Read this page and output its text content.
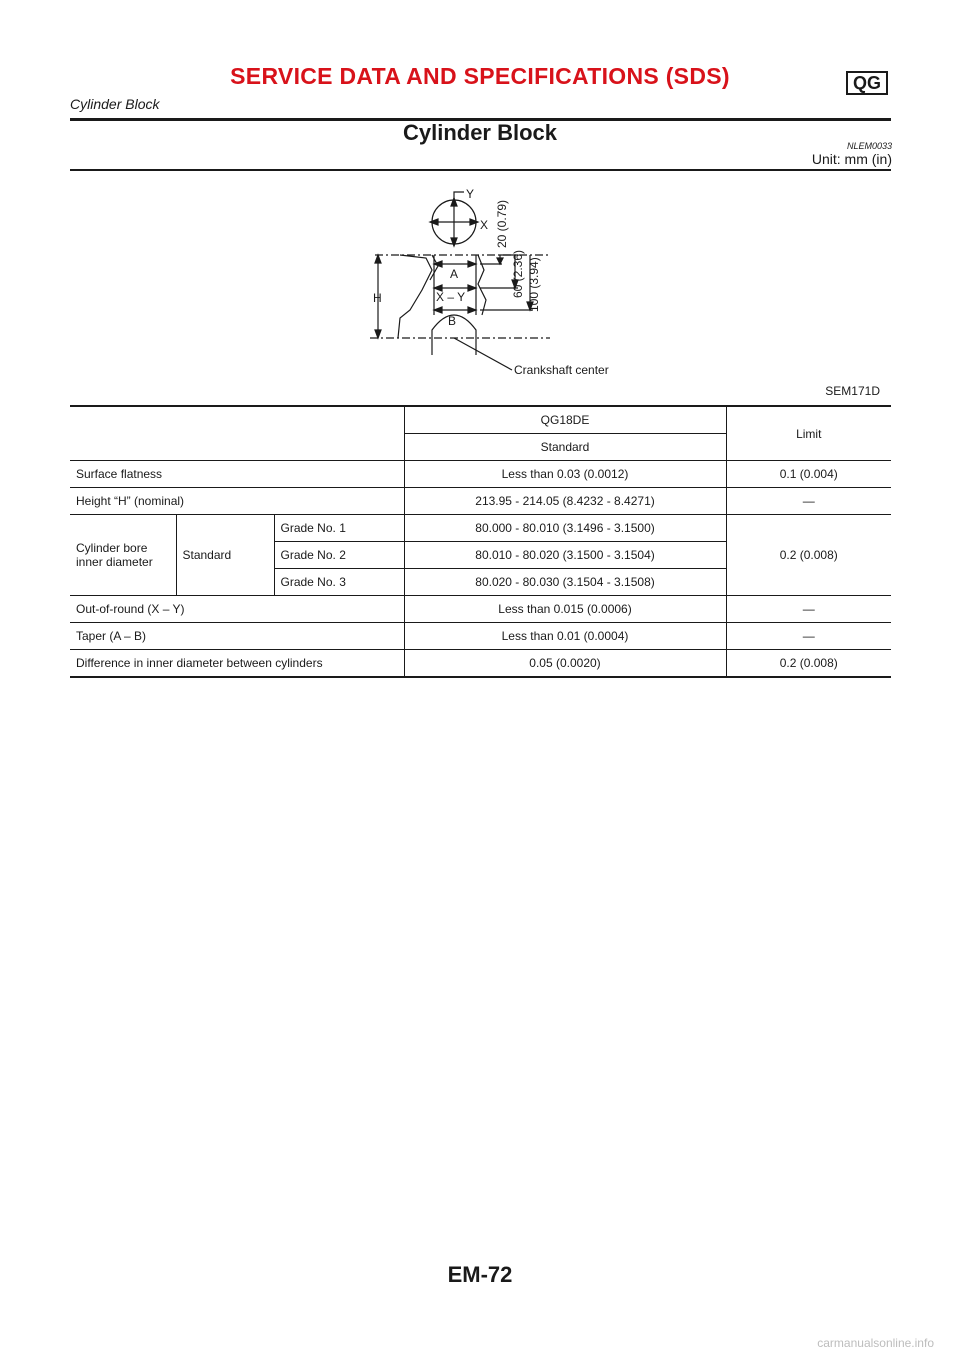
SERVICE DATA AND SPECIFICATIONS (SDS)	QG
Cylinder Block
Cylinder Block
NLEM0033
Unit: mm (in)
Y
X
H
A
X – Y
B
Crankshaft center
20 (0.79)
60 (2.36) 100 (3.94)
SEM171D
			QG18DE	Limit
			Standard	
Surface flatness			Less than 0.03 (0.0012)	0.1 (0.004)
Height “H” (nominal)			213.95 - 214.05 (8.4232 - 8.4271)	—
Cylinder bore inner diameter	Standard	Grade No. 1	80.000 - 80.010 (3.1496 - 3.1500)	0.2 (0.008)
		Grade No. 2	80.010 - 80.020 (3.1500 - 3.1504)	
		Grade No. 3	80.020 - 80.030 (3.1504 - 3.1508)	
Out-of-round (X – Y)			Less than 0.015 (0.0006)	—
Taper (A – B)			Less than 0.01 (0.0004)	—
Difference in inner diameter between cylinders			0.05 (0.0020)	0.2 (0.008)
EM-72
carmanualsonline.info
